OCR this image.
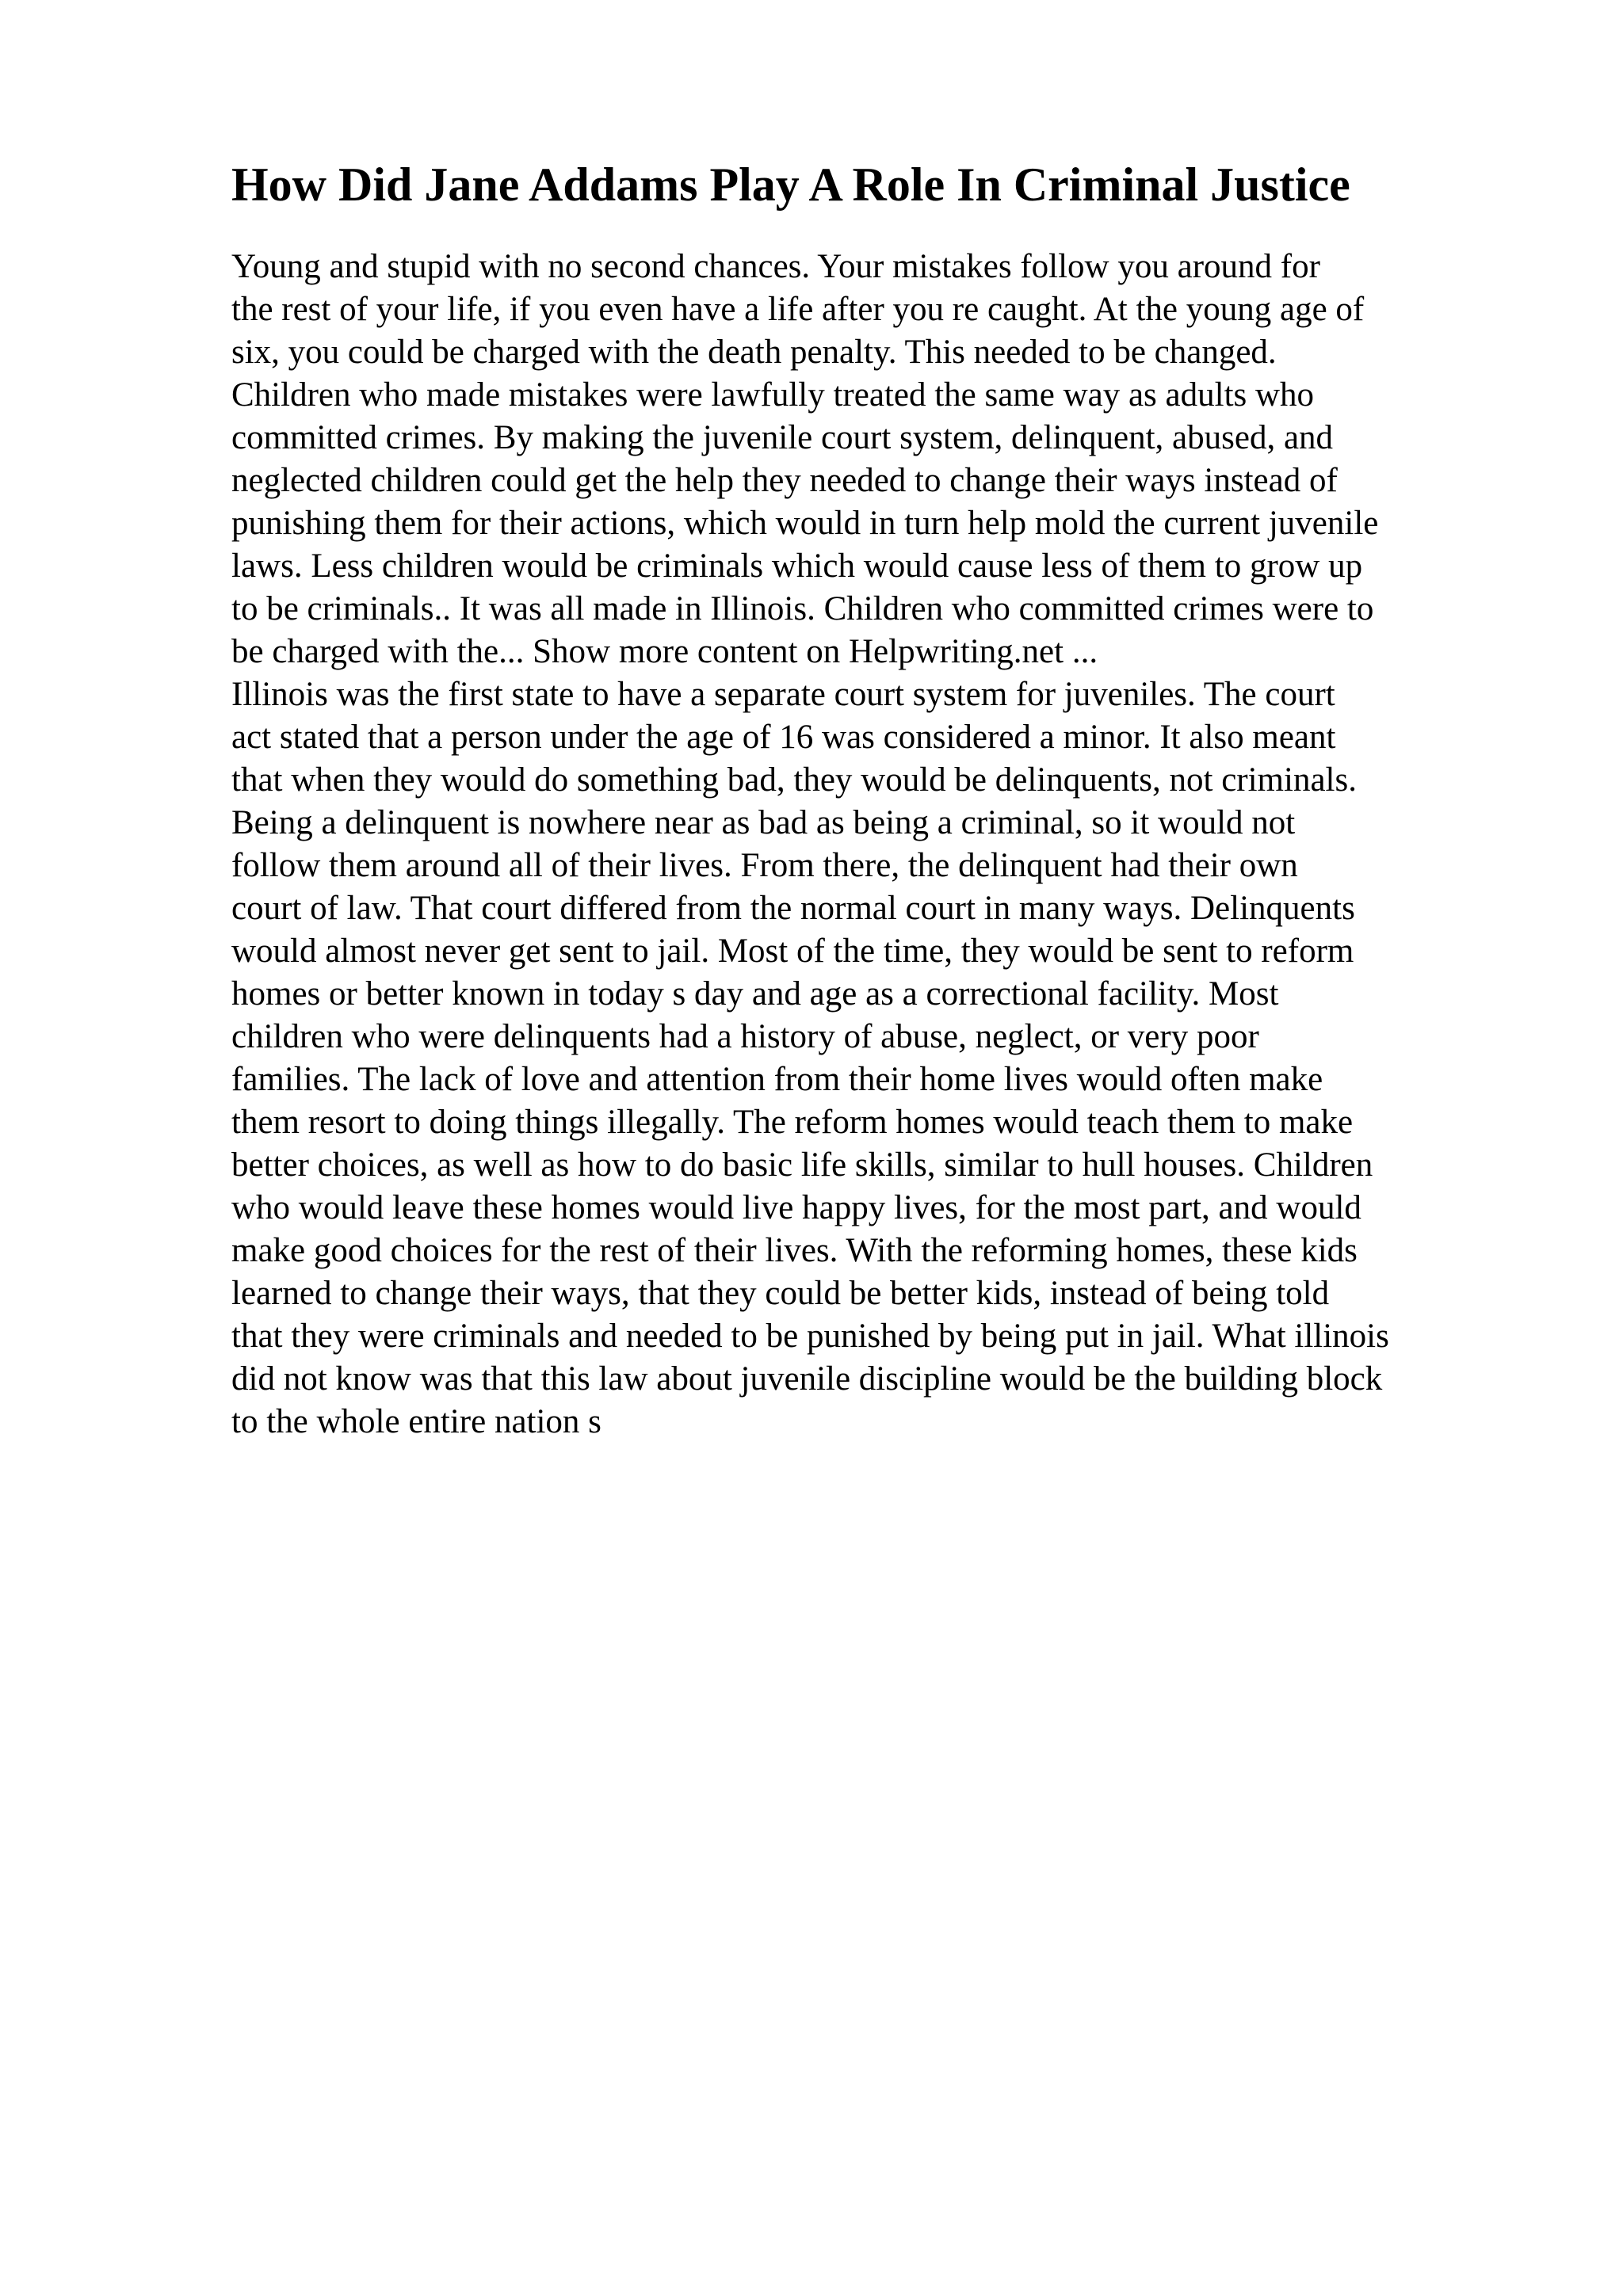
How Did Jane Addams Play A Role In Criminal Justice
Young and stupid with no second chances. Your mistakes follow you around for
the rest of your life, if you even have a life after you re caught. At the young age of
six, you could be charged with the death penalty. This needed to be changed.
Children who made mistakes were lawfully treated the same way as adults who
committed crimes. By making the juvenile court system, delinquent, abused, and
neglected children could get the help they needed to change their ways instead of
punishing them for their actions, which would in turn help mold the current juvenile
laws. Less children would be criminals which would cause less of them to grow up
to be criminals.. It was all made in Illinois. Children who committed crimes were to
be charged with the... Show more content on Helpwriting.net ...
Illinois was the first state to have a separate court system for juveniles. The court
act stated that a person under the age of 16 was considered a minor. It also meant
that when they would do something bad, they would be delinquents, not criminals.
Being a delinquent is nowhere near as bad as being a criminal, so it would not
follow them around all of their lives. From there, the delinquent had their own
court of law. That court differed from the normal court in many ways. Delinquents
would almost never get sent to jail. Most of the time, they would be sent to reform
homes or better known in today s day and age as a correctional facility. Most
children who were delinquents had a history of abuse, neglect, or very poor
families. The lack of love and attention from their home lives would often make
them resort to doing things illegally. The reform homes would teach them to make
better choices, as well as how to do basic life skills, similar to hull houses. Children
who would leave these homes would live happy lives, for the most part, and would
make good choices for the rest of their lives. With the reforming homes, these kids
learned to change their ways, that they could be better kids, instead of being told
that they were criminals and needed to be punished by being put in jail. What illinois
did not know was that this law about juvenile discipline would be the building block
to the whole entire nation s
